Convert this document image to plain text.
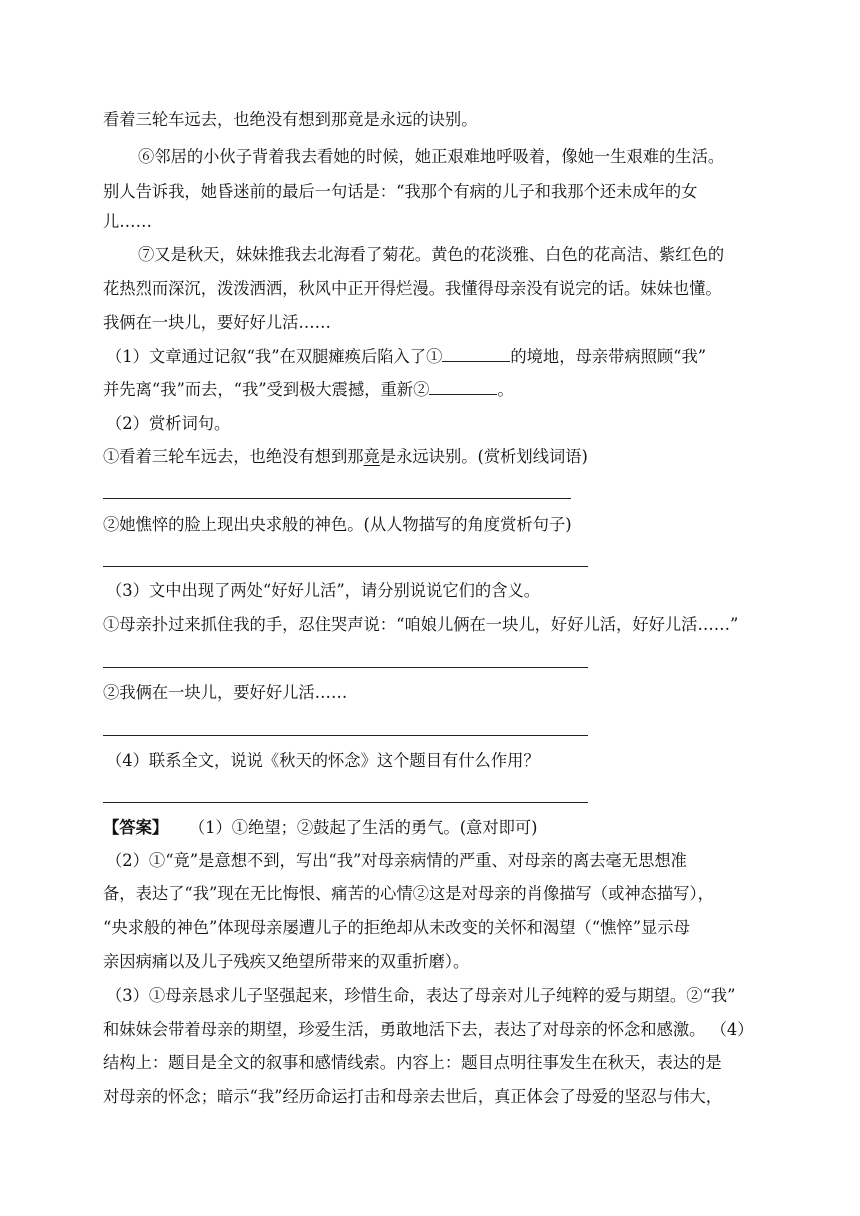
看着三轮车远去，也绝没有想到那竟是永远的诀别。
⑥邻居的小伙子背着我去看她的时候，她正艰难地呼吸着，像她一生艰难的生活。
别人告诉我，她昏迷前的最后一句话是：“我那个有病的儿子和我那个还未成年的女
儿……
⑦又是秋天，妹妹推我去北海看了菊花。黄色的花淡雅、白色的花高洁、紫红色的
花热烈而深沉，泼泼洒洒，秋风中正开得烂漫。我懂得母亲没有说完的话。妹妹也懂。
我俩在一块儿，要好好儿活……
（1）文章通过记叙“我”在双腿瘫痪后陷入了①	的境地，母亲带病照顾“我”
并先离“我”而去，“我”受到极大震撼，重新②	。
（2）赏析词句。
①看着三轮车远去，也绝没有想到那竟是永远诀别。(赏析划线词语)
②她憔悴的脸上现出央求般的神色。(从人物描写的角度赏析句子)
（3）文中出现了两处“好好儿活”，请分别说说它们的含义。
①母亲扑过来抓住我的手，忍住哭声说：“咱娘儿俩在一块儿，好好儿活，好好儿活……”
②我俩在一块儿，要好好儿活……
（4）联系全文，说说《秋天的怀念》这个题目有什么作用？
【答案】 （1）①绝望；②鼓起了生活的勇气。(意对即可)
（2）①“竟”是意想不到，写出“我”对母亲病情的严重、对母亲的离去毫无思想准
备，表达了“我”现在无比悔恨、痛苦的心情②这是对母亲的肖像描写（或神态描写），
“央求般的神色”体现母亲屡遭儿子的拒绝却从未改变的关怀和渴望（“憔悴”显示母
亲因病痛以及儿子残疾又绝望所带来的双重折磨）。
（3）①母亲恳求儿子坚强起来，珍惜生命，表达了母亲对儿子纯粹的爱与期望。②“我”
和妹妹会带着母亲的期望，珍爱生活，勇敢地活下去，表达了对母亲的怀念和感激。 （4）
结构上：题目是全文的叙事和感情线索。内容上：题目点明往事发生在秋天，表达的是
对母亲的怀念；暗示“我”经历命运打击和母亲去世后，真正体会了母爱的坚忍与伟大，
